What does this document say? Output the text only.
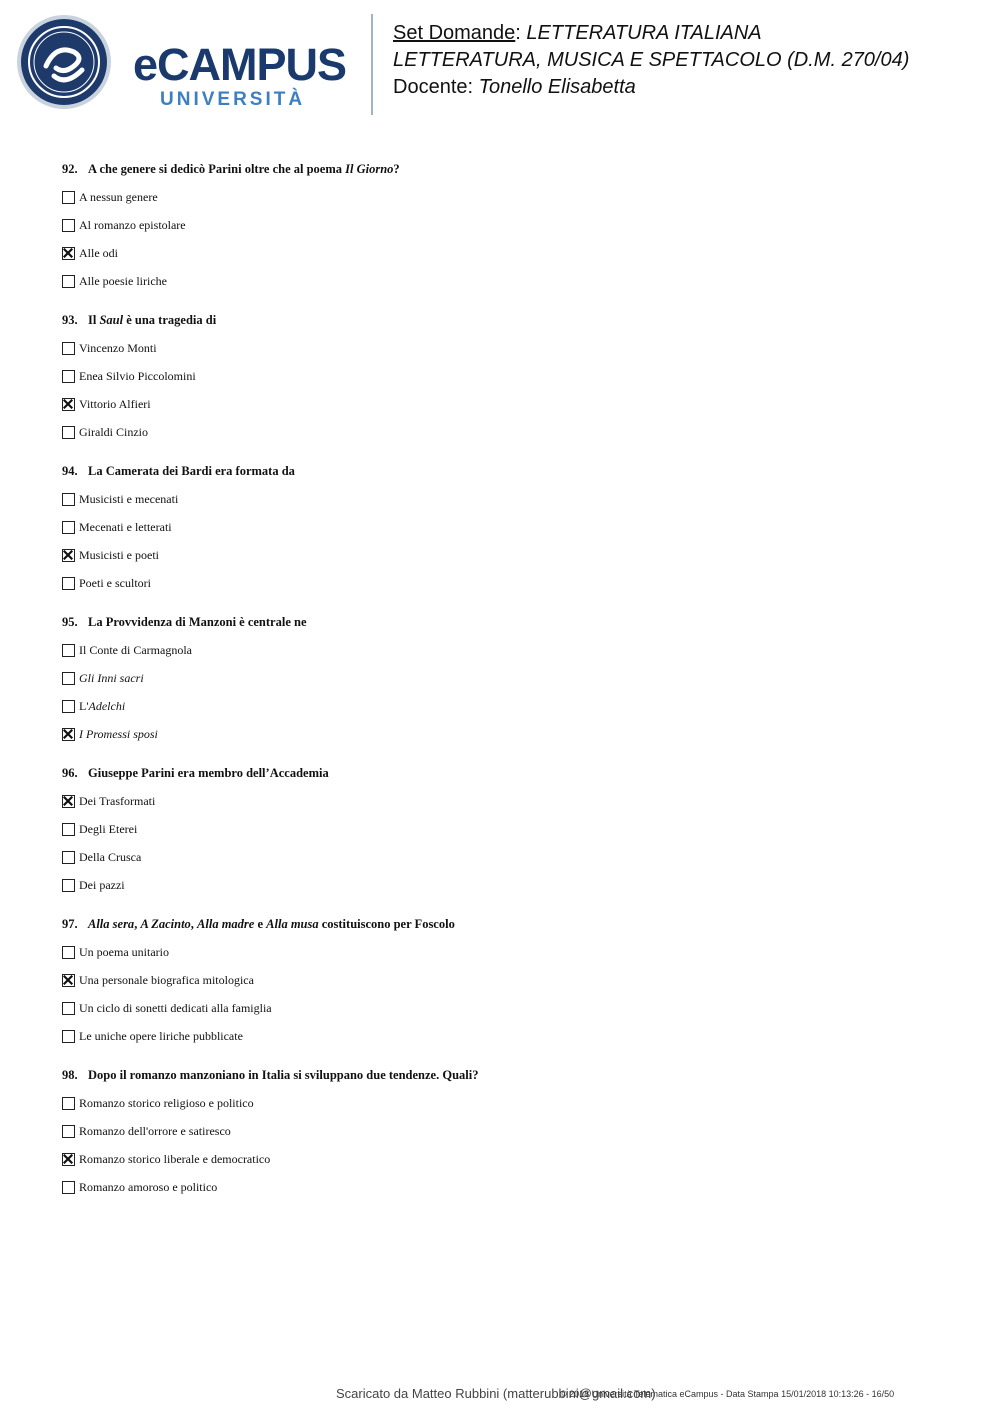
eCAMPUS
UNIVERSITÀ
Set Domande: LETTERATURA ITALIANA
LETTERATURA, MUSICA E SPETTACOLO (D.M. 270/04)
Docente: Tonello Elisabetta
92. A che genere si dedicò Parini oltre che al poema Il Giorno?
A nessun genere
Al romanzo epistolare
Alle odi
Alle poesie liriche
93. Il Saul è una tragedia di
Vincenzo Monti
Enea Silvio Piccolomini
Vittorio Alfieri
Giraldi Cinzio
94. La Camerata dei Bardi era formata da
Musicisti e mecenati
Mecenati e letterati
Musicisti e poeti
Poeti e scultori
95. La Provvidenza di Manzoni è centrale ne
Il Conte di Carmagnola
Gli Inni sacri
L' Adelchi
I Promessi sposi
96. Giuseppe Parini era membro dell’Accademia
Dei Trasformati
Degli Eterei
Della Crusca
Dei pazzi
97. Alla sera, A Zacinto, Alla madre e Alla musa costituiscono per Foscolo
Un poema unitario
Una personale biografica mitologica
Un ciclo di sonetti dedicati alla famiglia
Le uniche opere liriche pubblicate
98. Dopo il romanzo manzoniano in Italia si sviluppano due tendenze. Quali?
Romanzo storico religioso e politico
Romanzo dell'orrore e satiresco
Romanzo storico liberale e democratico
Romanzo amoroso e politico
Scaricato da Matteo Rubbini (matterubbini@gmail.com)
© 2018 Università Telematica eCampus - Data Stampa 15/01/2018 10:13:26 - 16/50
